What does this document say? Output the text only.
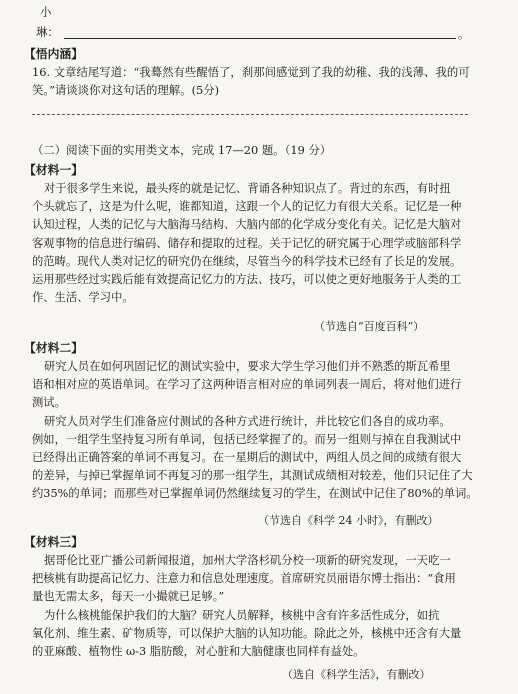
小
琳：	。
【悟内涵】
16. 文章结尾写道：“我蓦然有些醒悟了，刹那间感觉到了我的幼稚、我的浅薄、我的可
笑。”请谈谈你对这句话的理解。(5分)
（二）阅读下面的实用类文本，完成 17—20 题。（19 分）
【材料一】
对于很多学生来说，最头疼的就是记忆、背诵各种知识点了。背过的东西，有时扭
个头就忘了，这是为什么呢，谁都知道，这跟一个人的记忆力有很大关系。记忆是一种
认知过程，人类的记忆与大脑海马结构、大脑内部的化学成分变化有关。记忆是大脑对
客观事物的信息进行编码、储存和提取的过程。关于记忆的研究属于心理学或脑部科学
的范畴。现代人类对记忆的研究仍在继续，尽管当今的科学技术已经有了长足的发展。
运用那些经过实践后能有效提高记忆力的方法、技巧，可以使之更好地服务于人类的工
作、生活、学习中。
（节选自“百度百科”）
【材料二】
研究人员在如何巩固记忆的测试实验中，要求大学生学习他们并不熟悉的斯瓦希里
语和相对应的英语单词。在学习了这两种语言相对应的单词列表一周后，将对他们进行
测试。
研究人员对学生们准备应付测试的各种方式进行统计，并比较它们各自的成功率。
例如，一组学生坚持复习所有单词，包括已经掌握了的。而另一组则与掉在自我测试中
已经得出正确答案的单词不再复习。在一星期后的测试中，两组人员之间的成绩有很大
的差异，与掉已掌握单词不再复习的那一组学生，其测试成绩相对较差，他们只记住了大
约35%的单词；而那些对已掌握单词仍然继续复习的学生，在测试中记住了80%的单词。
（节选自《科学 24 小时》，有删改）
【材料三】
据哥伦比亚广播公司新闻报道，加州大学洛杉矶分校一项新的研究发现，一天吃一
把核桃有助提高记忆力、注意力和信息处理速度。首席研究员丽语尔博士指出：“食用
量也无需太多，每天一小撮就已足够。”
为什么核桃能保护我们的大脑？研究人员解释，核桃中含有许多活性成分，如抗
氧化剂、维生素、矿物质等，可以保护大脑的认知功能。除此之外，核桃中还含有大量
的亚麻酸、植物性 ω-3 脂肪酸，对心脏和大脑健康也同样有益处。
（选自《科学生活》，有删改）
